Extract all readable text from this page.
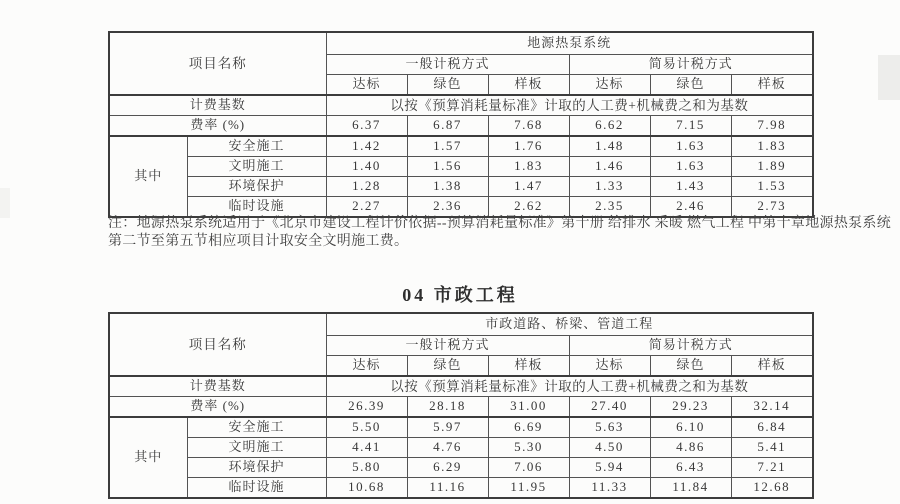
项目名称		地源热泵系统					
		一般计税方式			简易计税方式		
		达标	绿色	样板	达标	绿色	样板
计费基数		以按《预算消耗量标准》计取的人工费+机械费之和为基数					
费率 (%)		6.37	6.87	7.68	6.62	7.15	7.98
其中	安全施工	1.42	1.57	1.76	1.48	1.63	1.83
	文明施工	1.40	1.56	1.83	1.46	1.63	1.89
	环境保护	1.28	1.38	1.47	1.33	1.43	1.53
	临时设施	2.27	2.36	2.62	2.35	2.46	2.73
注：地源热泵系统适用于《北京市建设工程计价依据--预算消耗量标准》第十册 给排水 采暖 燃气工程 中第十章地源热泵系统第二节至第五节相应项目计取安全文明施工费。
04 市政工程
项目名称		市政道路、桥梁、管道工程					
		一般计税方式			简易计税方式		
		达标	绿色	样板	达标	绿色	样板
计费基数		以按《预算消耗量标准》计取的人工费+机械费之和为基数					
费率 (%)		26.39	28.18	31.00	27.40	29.23	32.14
其中	安全施工	5.50	5.97	6.69	5.63	6.10	6.84
	文明施工	4.41	4.76	5.30	4.50	4.86	5.41
	环境保护	5.80	6.29	7.06	5.94	6.43	7.21
	临时设施	10.68	11.16	11.95	11.33	11.84	12.68
